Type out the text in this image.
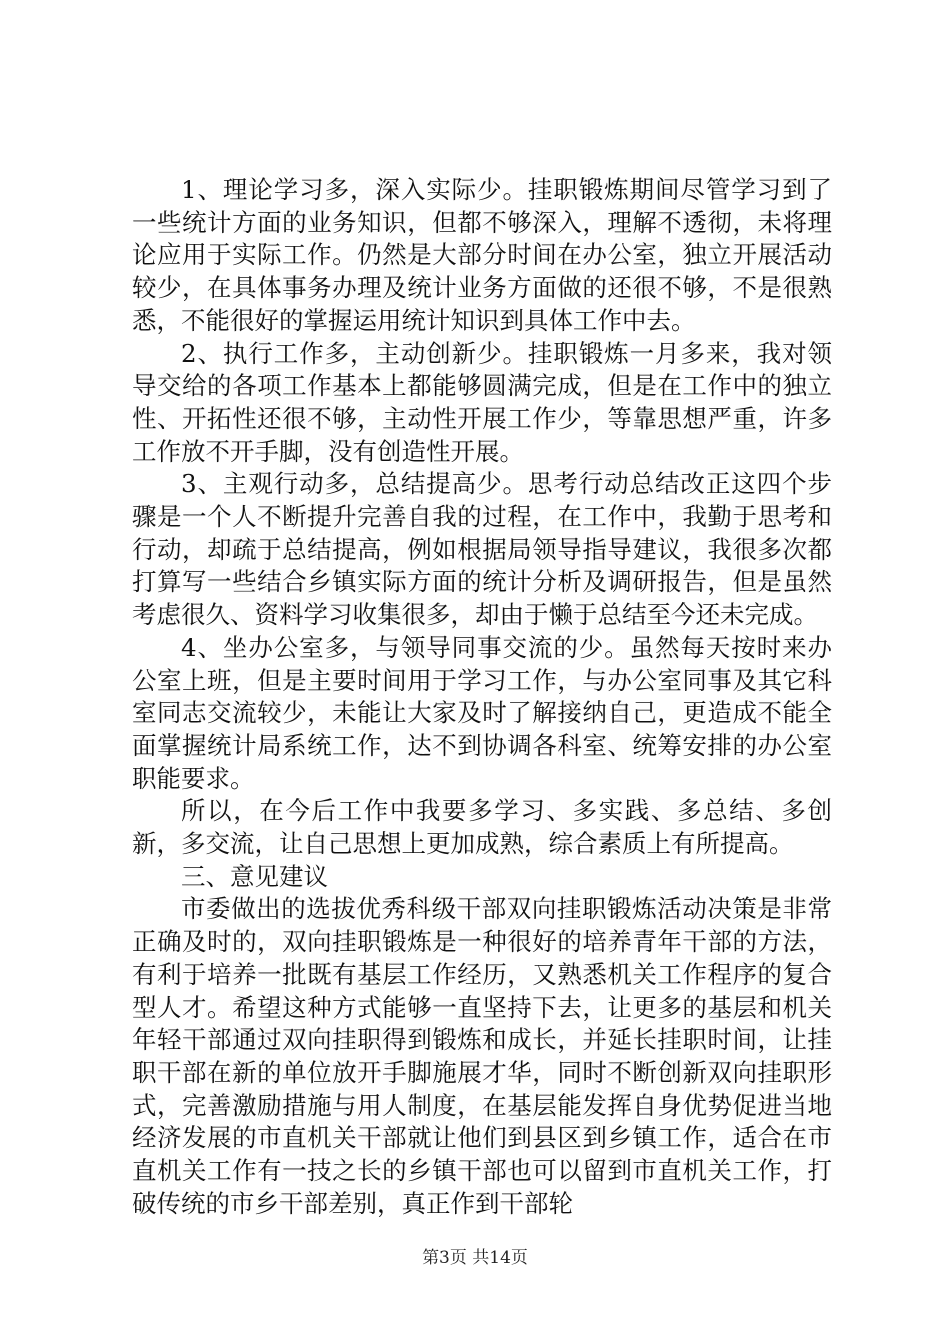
1、理论学习多，深入实际少。挂职锻炼期间尽管学习到了一些统计方面的业务知识，但都不够深入，理解不透彻，未将理论应用于实际工作。仍然是大部分时间在办公室，独立开展活动较少，在具体事务办理及统计业务方面做的还很不够，不是很熟悉，不能很好的掌握运用统计知识到具体工作中去。

2、执行工作多，主动创新少。挂职锻炼一月多来，我对领导交给的各项工作基本上都能够圆满完成，但是在工作中的独立性、开拓性还很不够，主动性开展工作少，等靠思想严重，许多工作放不开手脚，没有创造性开展。

3、主观行动多，总结提高少。思考行动总结改正这四个步骤是一个人不断提升完善自我的过程，在工作中，我勤于思考和行动，却疏于总结提高，例如根据局领导指导建议，我很多次都打算写一些结合乡镇实际方面的统计分析及调研报告，但是虽然考虑很久、资料学习收集很多，却由于懒于总结至今还未完成。

4、坐办公室多，与领导同事交流的少。虽然每天按时来办公室上班，但是主要时间用于学习工作，与办公室同事及其它科室同志交流较少，未能让大家及时了解接纳自己，更造成不能全面掌握统计局系统工作，达不到协调各科室、统筹安排的办公室职能要求。

所以，在今后工作中我要多学习、多实践、多总结、多创新，多交流，让自己思想上更加成熟，综合素质上有所提高。

三、意见建议

市委做出的选拔优秀科级干部双向挂职锻炼活动决策是非常正确及时的，双向挂职锻炼是一种很好的培养青年干部的方法，有利于培养一批既有基层工作经历，又熟悉机关工作程序的复合型人才。希望这种方式能够一直坚持下去，让更多的基层和机关年轻干部通过双向挂职得到锻炼和成长，并延长挂职时间，让挂职干部在新的单位放开手脚施展才华，同时不断创新双向挂职形式，完善激励措施与用人制度，在基层能发挥自身优势促进当地经济发展的市直机关干部就让他们到县区到乡镇工作，适合在市直机关工作有一技之长的乡镇干部也可以留到市直机关工作，打破传统的市乡干部差别，真正作到干部轮

第3页 共14页
